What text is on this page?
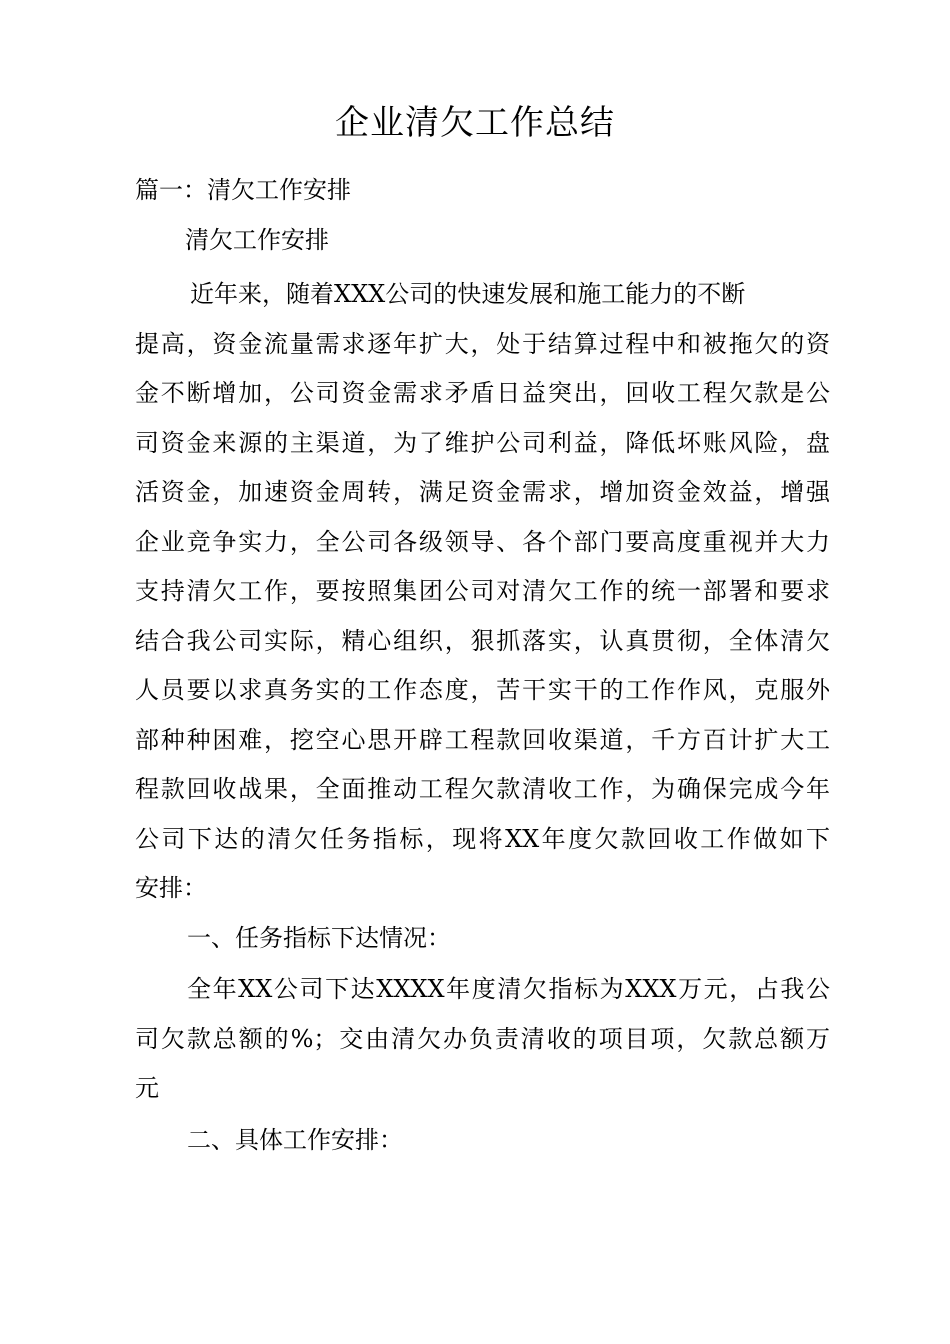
企业清欠工作总结
篇一：清欠工作安排
清欠工作安排
近年来，随着XXX公司的快速发展和施工能力的不断
提高，资金流量需求逐年扩大，处于结算过程中和被拖欠的资
金不断增加，公司资金需求矛盾日益突出，回收工程欠款是公
司资金来源的主渠道，为了维护公司利益，降低坏账风险，盘
活资金，加速资金周转，满足资金需求，增加资金效益，增强
企业竞争实力，全公司各级领导、各个部门要高度重视并大力
支持清欠工作，要按照集团公司对清欠工作的统一部署和要求
结合我公司实际，精心组织，狠抓落实，认真贯彻，全体清欠
人员要以求真务实的工作态度，苦干实干的工作作风，克服外
部种种困难，挖空心思开辟工程款回收渠道，千方百计扩大工
程款回收战果，全面推动工程欠款清收工作，为确保完成今年
公司下达的清欠任务指标，现将XX年度欠款回收工作做如下
安排：

一、任务指标下达情况：

全年XX公司下达XXXX年度清欠指标为XXX万元，占我公
司欠款总额的%；交由清欠办负责清收的项目项，欠款总额万
元

二、具体工作安排：
